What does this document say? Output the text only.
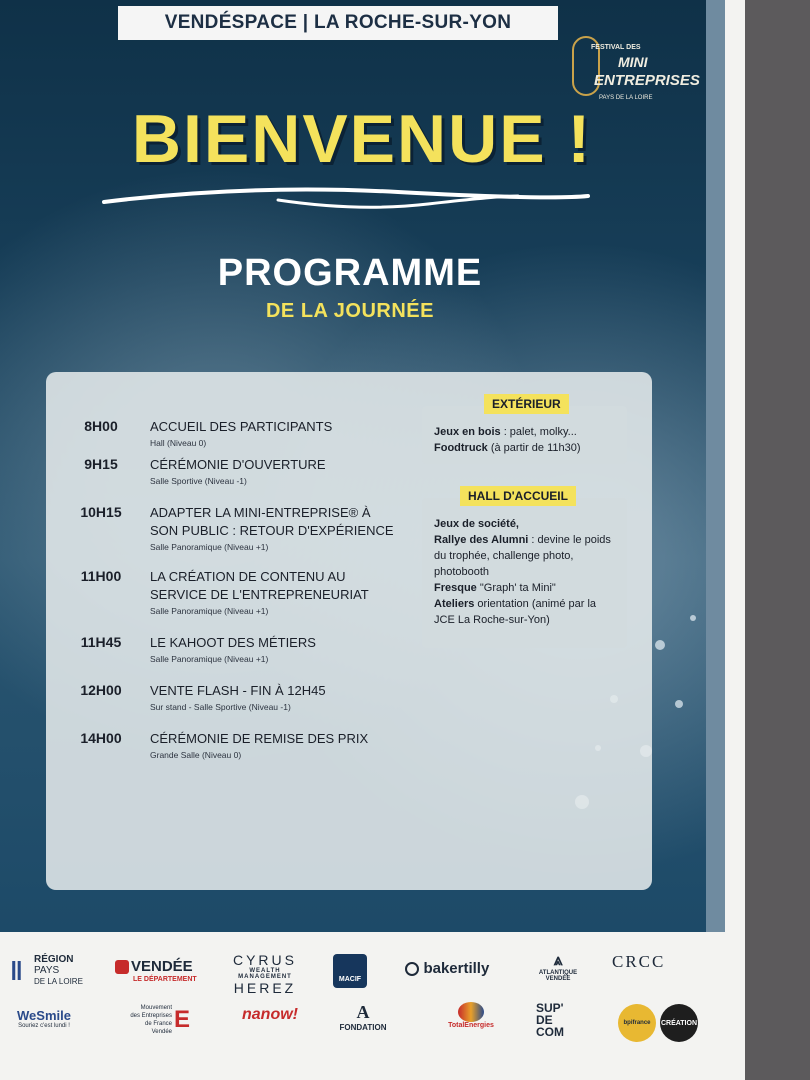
VENDÉSPACE | LA ROCHE-SUR-YON
FESTIVAL DES
MINI
ENTREPRISES
PAYS DE LA LOIRE
BIENVENUE !
PROGRAMME
DE LA JOURNÉE
8H00	ACCUEIL DES PARTICIPANTS
Hall (Niveau 0)
9H15	CÉRÉMONIE D'OUVERTURE
Salle Sportive (Niveau -1)
10H15	ADAPTER LA MINI-ENTREPRISE® À
SON PUBLIC : RETOUR D'EXPÉRIENCE
Salle Panoramique (Niveau +1)
11H00	LA CRÉATION DE CONTENU AU
SERVICE DE L'ENTREPRENEURIAT
Salle Panoramique (Niveau +1)
11H45	LE KAHOOT DES MÉTIERS
Salle Panoramique (Niveau +1)
12H00	VENTE FLASH - FIN À 12H45
Sur stand - Salle Sportive (Niveau -1)
14H00	CÉRÉMONIE DE REMISE DES PRIX
Grande Salle (Niveau 0)
EXTÉRIEUR
Jeux en bois : palet, molky...
Foodtruck (à partir de 11h30)
HALL D'ACCUEIL
Jeux de société,
Rallye des Alumni : devine le poids du trophée, challenge photo, photobooth
Fresque "Graph' ta Mini"
Ateliers orientation (animé par la JCE La Roche-sur-Yon)
‖ RÉGION
PAYS
DE LA LOIRE
VENDÉE
LE DÉPARTEMENT
CYRUS
WEALTH MANAGEMENT
HEREZ
MACIF
bakertilly	⩓
ATLANTIQUE
VENDÉE
CRCC
WeSmile
Souriez c'est lundi !
Mouvement
des Entreprises
de France
Vendée E	nanow!	A
FONDATION	TotalEnergies
SUP'
DE
COM
bpifrance CRÉATION
